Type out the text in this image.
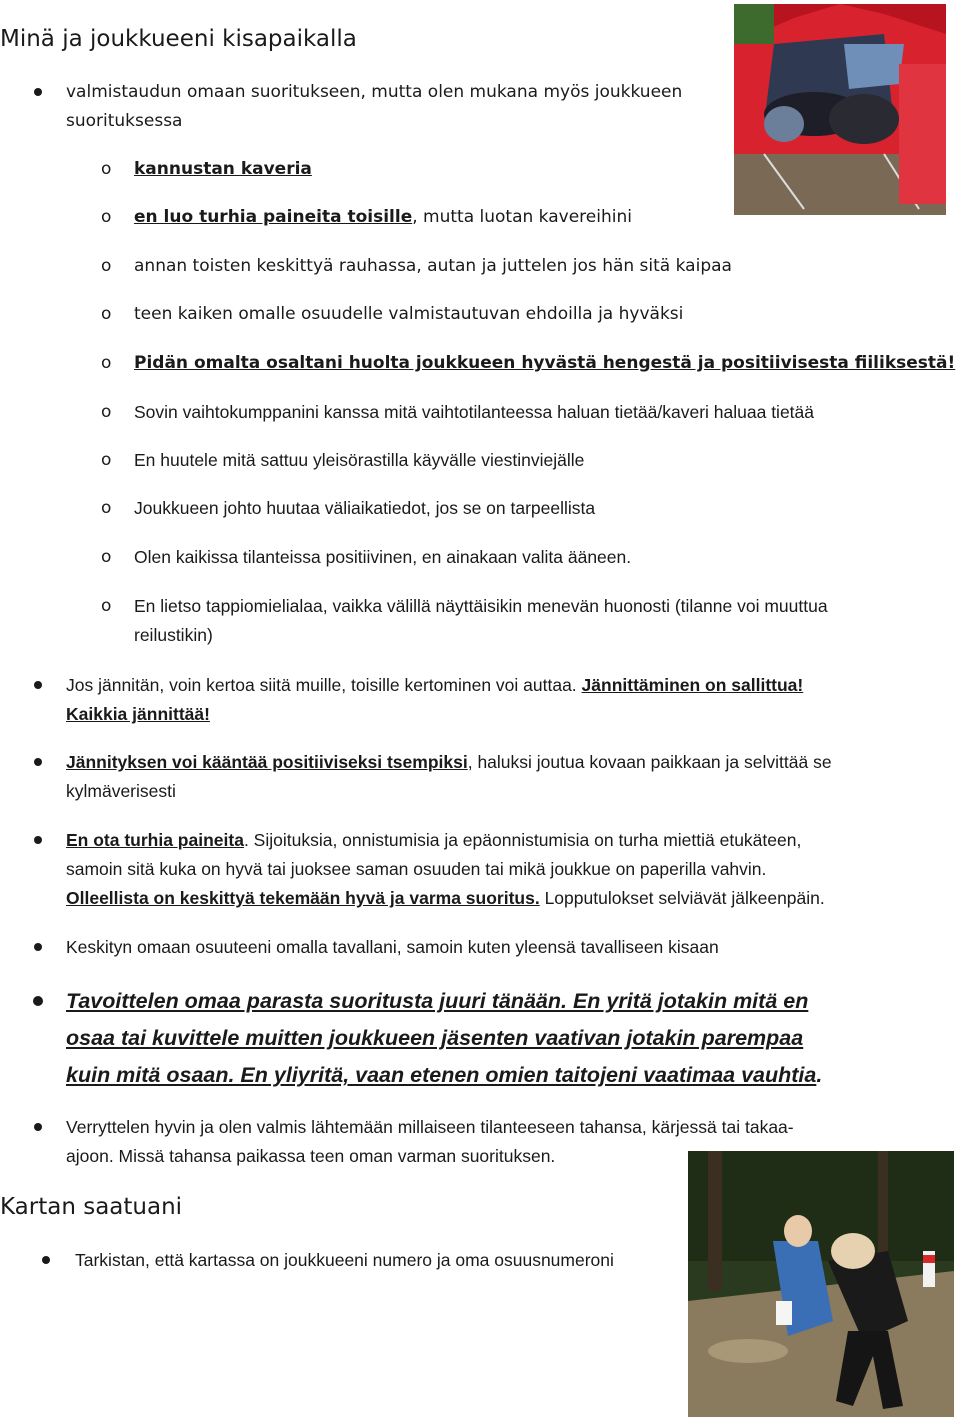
Minä ja joukkueeni kisapaikalla
valmistaudun omaan suoritukseen, mutta olen mukana myös joukkueen
suorituksessa
o kannustan kaveria
o en luo turhia paineita toisille, mutta luotan kavereihini
o annan toisten keskittyä rauhassa, autan ja juttelen jos hän sitä kaipaa
o teen kaiken omalle osuudelle valmistautuvan ehdoilla ja hyväksi
o Pidän omalta osaltani huolta joukkueen hyvästä hengestä ja positiivisesta fiiliksestä!
o Sovin vaihtokumppanini kanssa mitä vaihtotilanteessa haluan tietää/kaveri haluaa tietää
o En huutele mitä sattuu yleisörastilla käyvälle viestinviejälle
o Joukkueen johto huutaa väliaikatiedot, jos se on tarpeellista
o Olen kaikissa tilanteissa positiivinen, en ainakaan valita ääneen.
o En lietso tappiomielialaa, vaikka välillä näyttäisikin menevän huonosti (tilanne voi muuttua
reilustikin)
Jos jännitän, voin kertoa siitä muille, toisille kertominen voi auttaa. Jännittäminen on sallittua!
Kaikkia jännittää!
Jännityksen voi kääntää positiiviseksi tsempiksi, haluksi joutua kovaan paikkaan ja selvittää se
kylmäverisesti
En ota turhia paineita. Sijoituksia, onnistumisia ja epäonnistumisia on turha miettiä etukäteen,
samoin sitä kuka on hyvä tai juoksee saman osuuden tai mikä joukkue on paperilla vahvin.
Olleellista on keskittyä tekemään hyvä ja varma suoritus. Lopputulokset selviävät jälkeenpäin.
Keskityn omaan osuuteeni omalla tavallani, samoin kuten yleensä tavalliseen kisaan
Tavoittelen omaa parasta suoritusta juuri tänään. En yritä jotakin mitä en
osaa tai kuvittele muitten joukkueen jäsenten vaativan jotakin parempaa
kuin mitä osaan. En yliyritä, vaan etenen omien taitojeni vaatimaa vauhtia.
Verryttelen hyvin ja olen valmis lähtemään millaiseen tilanteeseen tahansa, kärjessä tai takaa-
ajoon. Missä tahansa paikassa teen oman varman suorituksen.
Kartan saatuani
Tarkistan, että kartassa on joukkueeni numero ja oma osuusnumeroni
